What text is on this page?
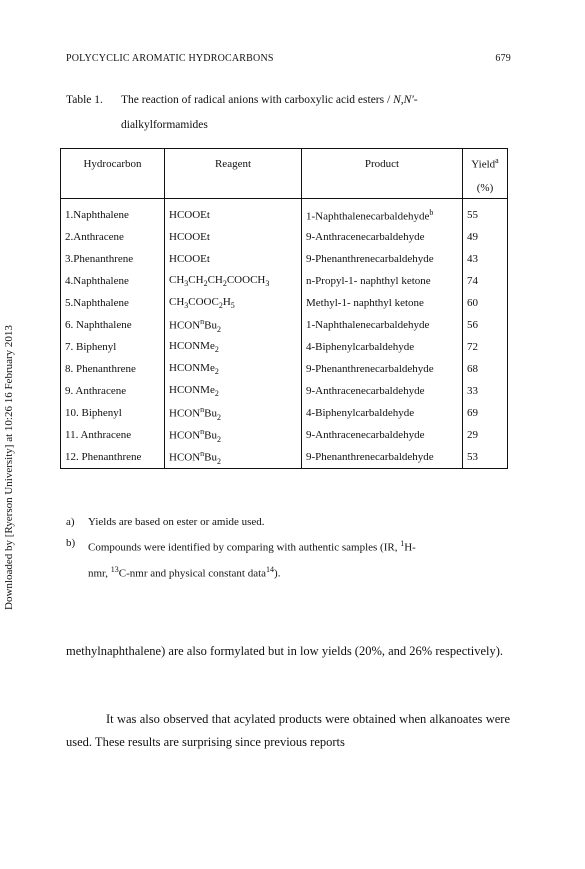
POLYCYCLIC AROMATIC HYDROCARBONS	679
Table 1. The reaction of radical anions with carboxylic acid esters / N,N'-
dialkylformamides
Downloaded by [Ryerson University] at 10:26 16 February 2013
Hydrocarbon	Reagent	Product	Yield$^a$
			(%)

1.Naphthalene	HCOOEt	1-Naphthalenecarbaldehyde$^b$	55
2.Anthracene	HCOOEt	9-Anthracenecarbaldehyde	49
3.Phenanthrene	HCOOEt	9-Phenanthrenecarbaldehyde	43
4.Naphthalene	$CH_3CH_2CH_2COOCH_3$	n-Propyl-1- naphthyl ketone	74
5.Naphthalene	$CH_3COOC_2H_5$	Methyl-1- naphthyl ketone	60
6. Naphthalene	$HCON^nBu_2$	1-Naphthalenecarbaldehyde	56
7. Biphenyl	HCONMe$_2$	4-Biphenylcarbaldehyde	72
8. Phenanthrene	HCONMe$_2$	9-Phenanthrenecarbaldehyde	68
9. Anthracene	HCONMe$_2$	9-Anthracenecarbaldehyde	33
10. Biphenyl	$HCON^nBu_2$	4-Biphenylcarbaldehyde	69
11. Anthracene	$HCON^nBu_2$	9-Anthracenecarbaldehyde	29
12. Phenanthrene	$HCON^nBu_2$	9-Phenanthrenecarbaldehyde	53
a) Yields are based on ester or amide used.
b) Compounds were identified by comparing with authentic samples (IR, $^1$H-
nmr, $^{13}$C-nmr and physical constant data$^{14}$).
methylnaphthalene) are also formylated but in low yields (20%, and 26% respectively).
It was also observed that acylated products were obtained when alkanoates were used. These results are surprising since previous reports
